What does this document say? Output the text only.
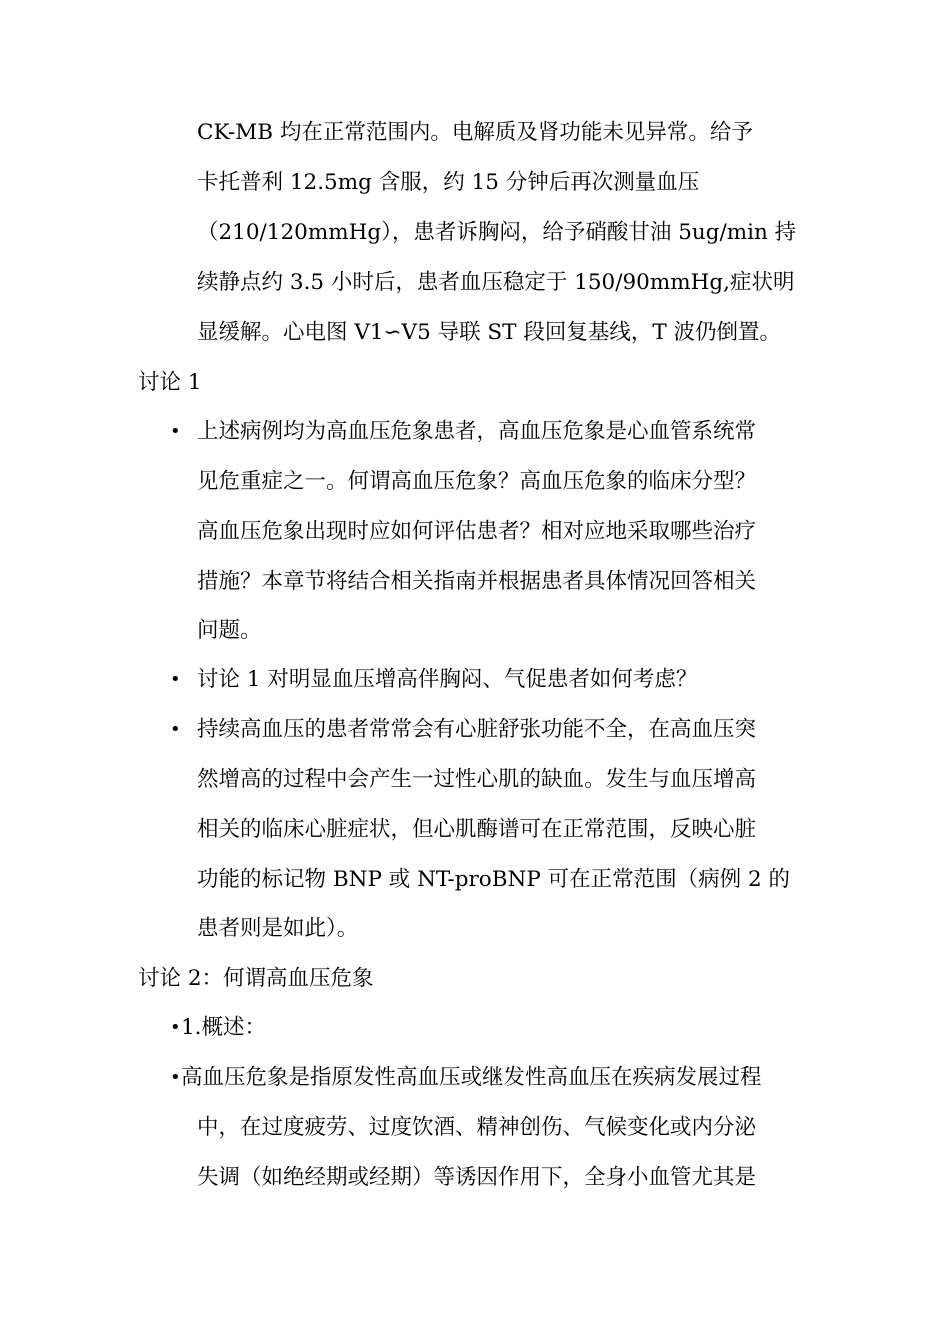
CK-MB 均在正常范围内。电解质及肾功能未见异常。给予
卡托普利 12.5mg 含服，约 15 分钟后再次测量血压
（210/120mmHg），患者诉胸闷，给予硝酸甘油 5ug/min 持
续静点约 3.5 小时后，患者血压稳定于 150/90mmHg,症状明
显缓解。心电图 V1∽V5 导联 ST 段回复基线，T 波仍倒置。
讨论 1
• 上述病例均为高血压危象患者，高血压危象是心血管系统常
见危重症之一。何谓高血压危象？高血压危象的临床分型？
高血压危象出现时应如何评估患者？相对应地采取哪些治疗
措施？本章节将结合相关指南并根据患者具体情况回答相关
问题。
• 讨论 1 对明显血压增高伴胸闷、气促患者如何考虑？
• 持续高血压的患者常常会有心脏舒张功能不全，在高血压突
然增高的过程中会产生一过性心肌的缺血。发生与血压增高
相关的临床心脏症状，但心肌酶谱可在正常范围，反映心脏
功能的标记物 BNP 或 NT-proBNP 可在正常范围（病例 2 的
患者则是如此）。
讨论 2：何谓高血压危象
• 1.概述：
• 高血压危象是指原发性高血压或继发性高血压在疾病发展过程
中，在过度疲劳、过度饮酒、精神创伤、气候变化或内分泌
失调（如绝经期或经期）等诱因作用下，全身小血管尤其是
